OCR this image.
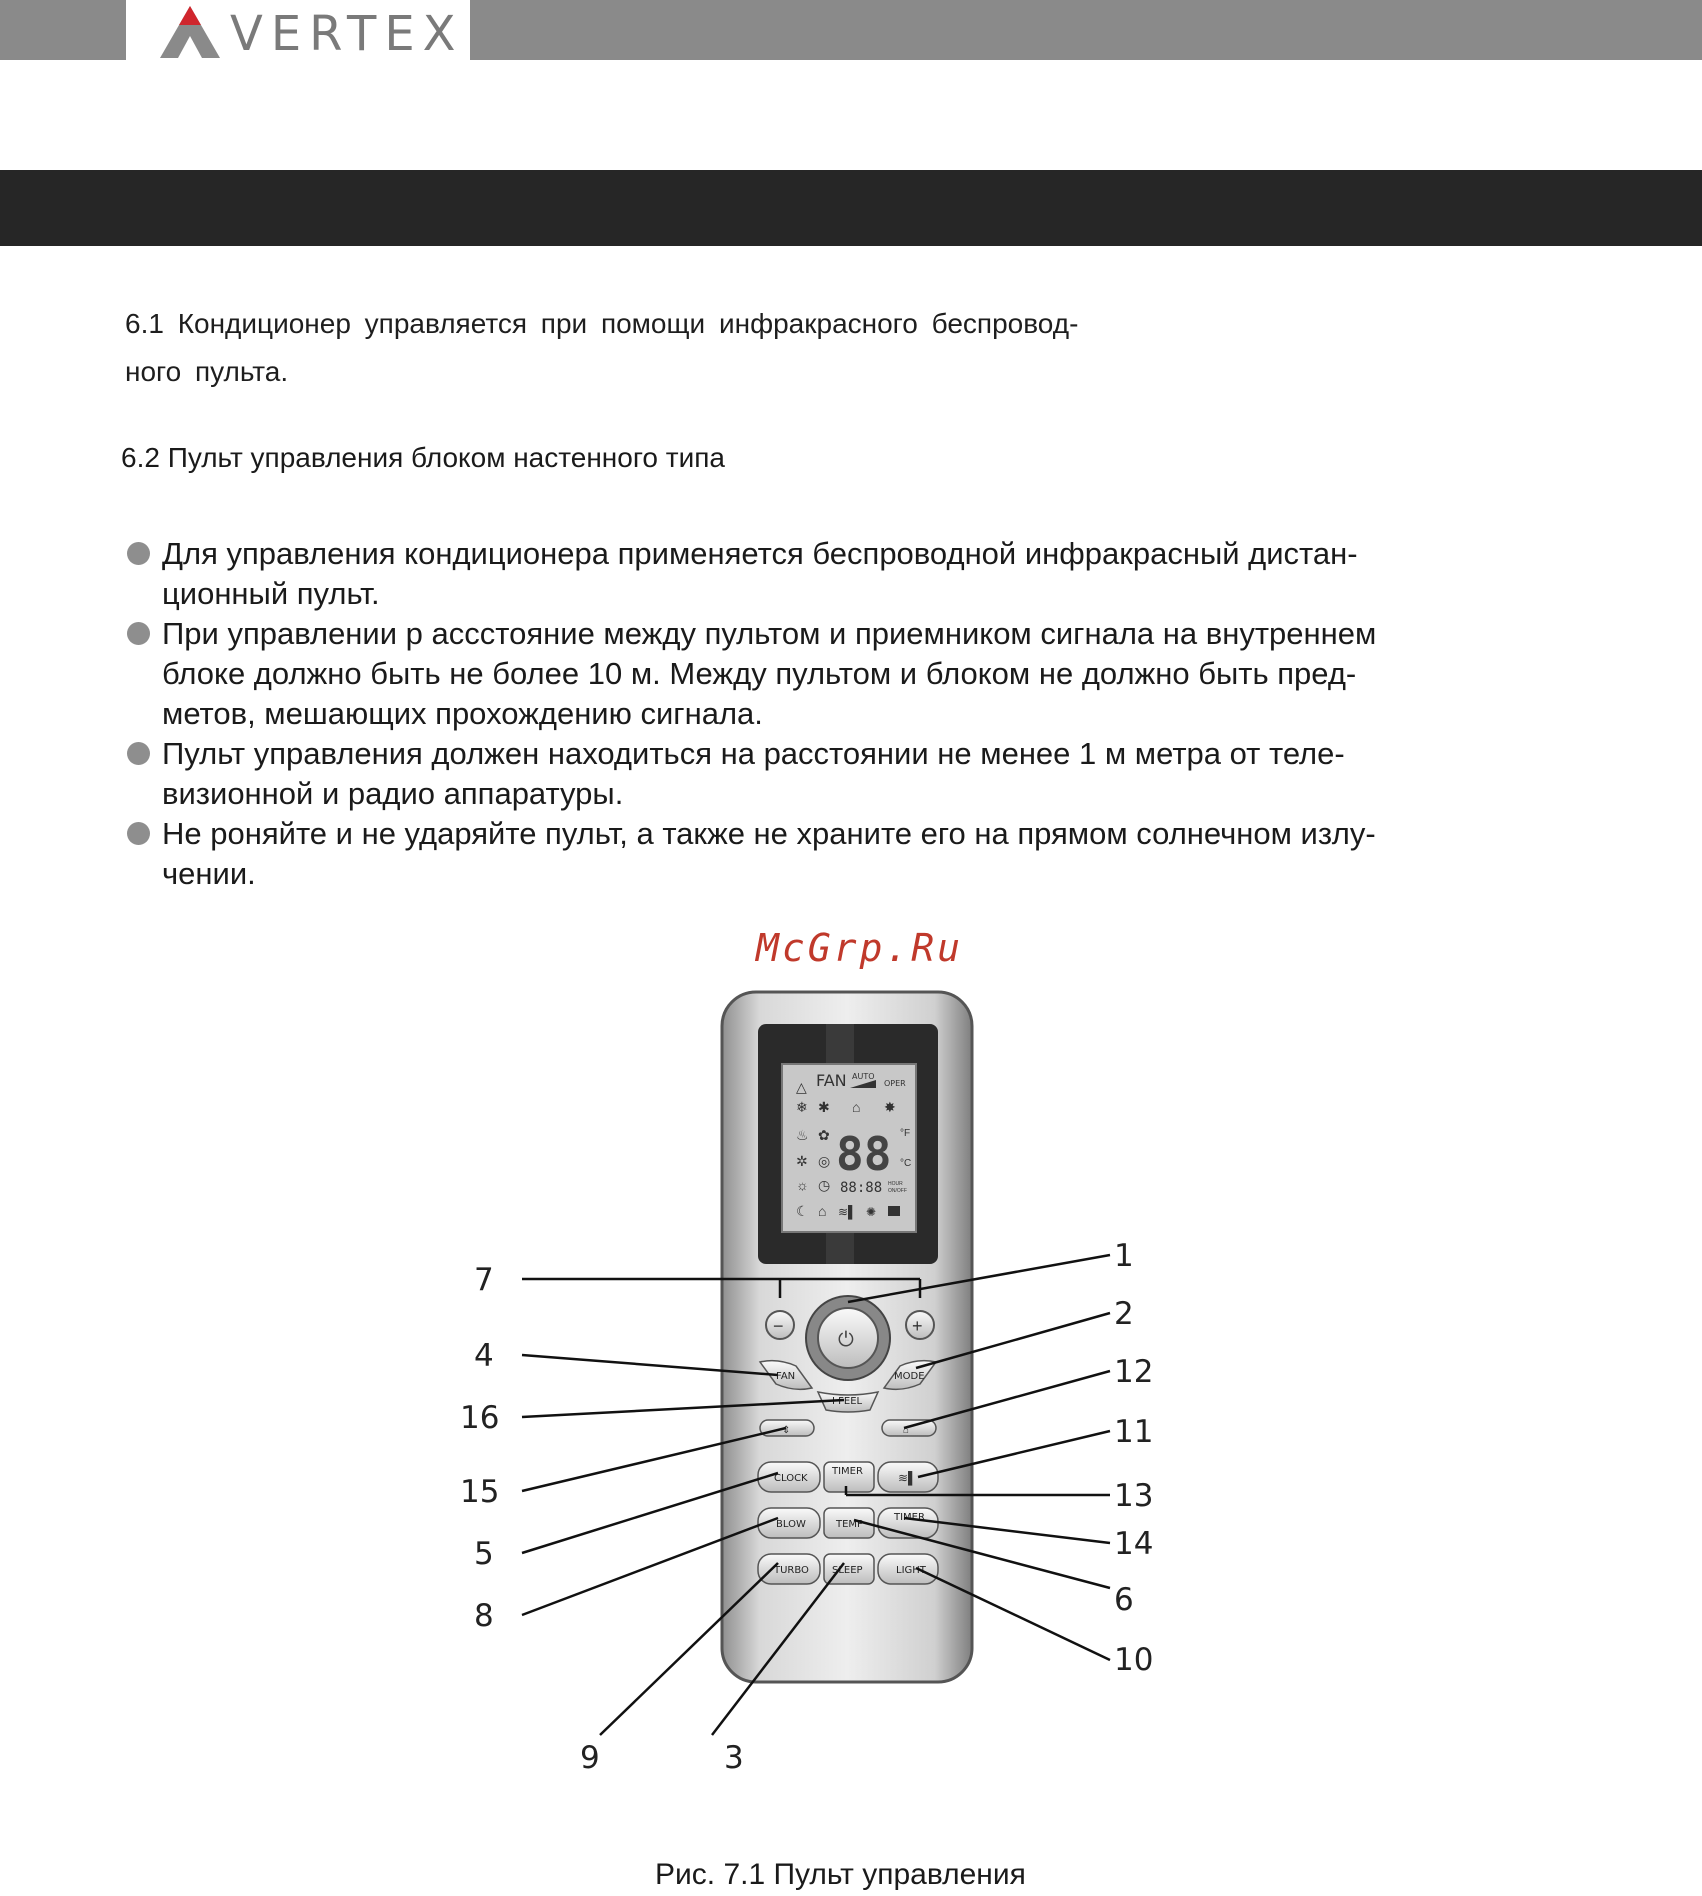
VERTEX
6.1 Кондиционер управляется при помощи инфракрасного беспровод-
ного пульта.
6.2 Пульт управления блоком настенного типа
Для управления кондиционера применяется беспроводной инфракрасный дистан-
ционный пульт.
При управлении р ассстояние между пультом и приемником сигнала на внутреннем
блоке должно быть не более 10 м. Между пультом и блоком не должно быть пред-
метов, мешающих прохождению сигнала.
Пульт управления должен находиться на расстоянии не менее 1 м метра от теле-
визионной и радио аппаратуры.
Не роняйте и не ударяйте пульт, а также не храните его на прямом солнечном излу-
чении.
McGrp.Ru
FAN AUTO
OPER
△
❄
♨
✲
☼
☾
✱
✿
◎
◷
⌂
⌂ ✸
88 °F
°C
88:88 HOUR
ON/OFF
≋▌ ✺
−	+
⏻
FAN	MODE
I FEEL
⇕	⌂
CLOCK
TIMER	≋▌
BLOW	TEMP
TIMER
TURBO SLEEP	LIGHT
7
1
2
4	12
16	11
15	13
5	14
6
8
10
9	3
Рис. 7.1 Пульт управления
